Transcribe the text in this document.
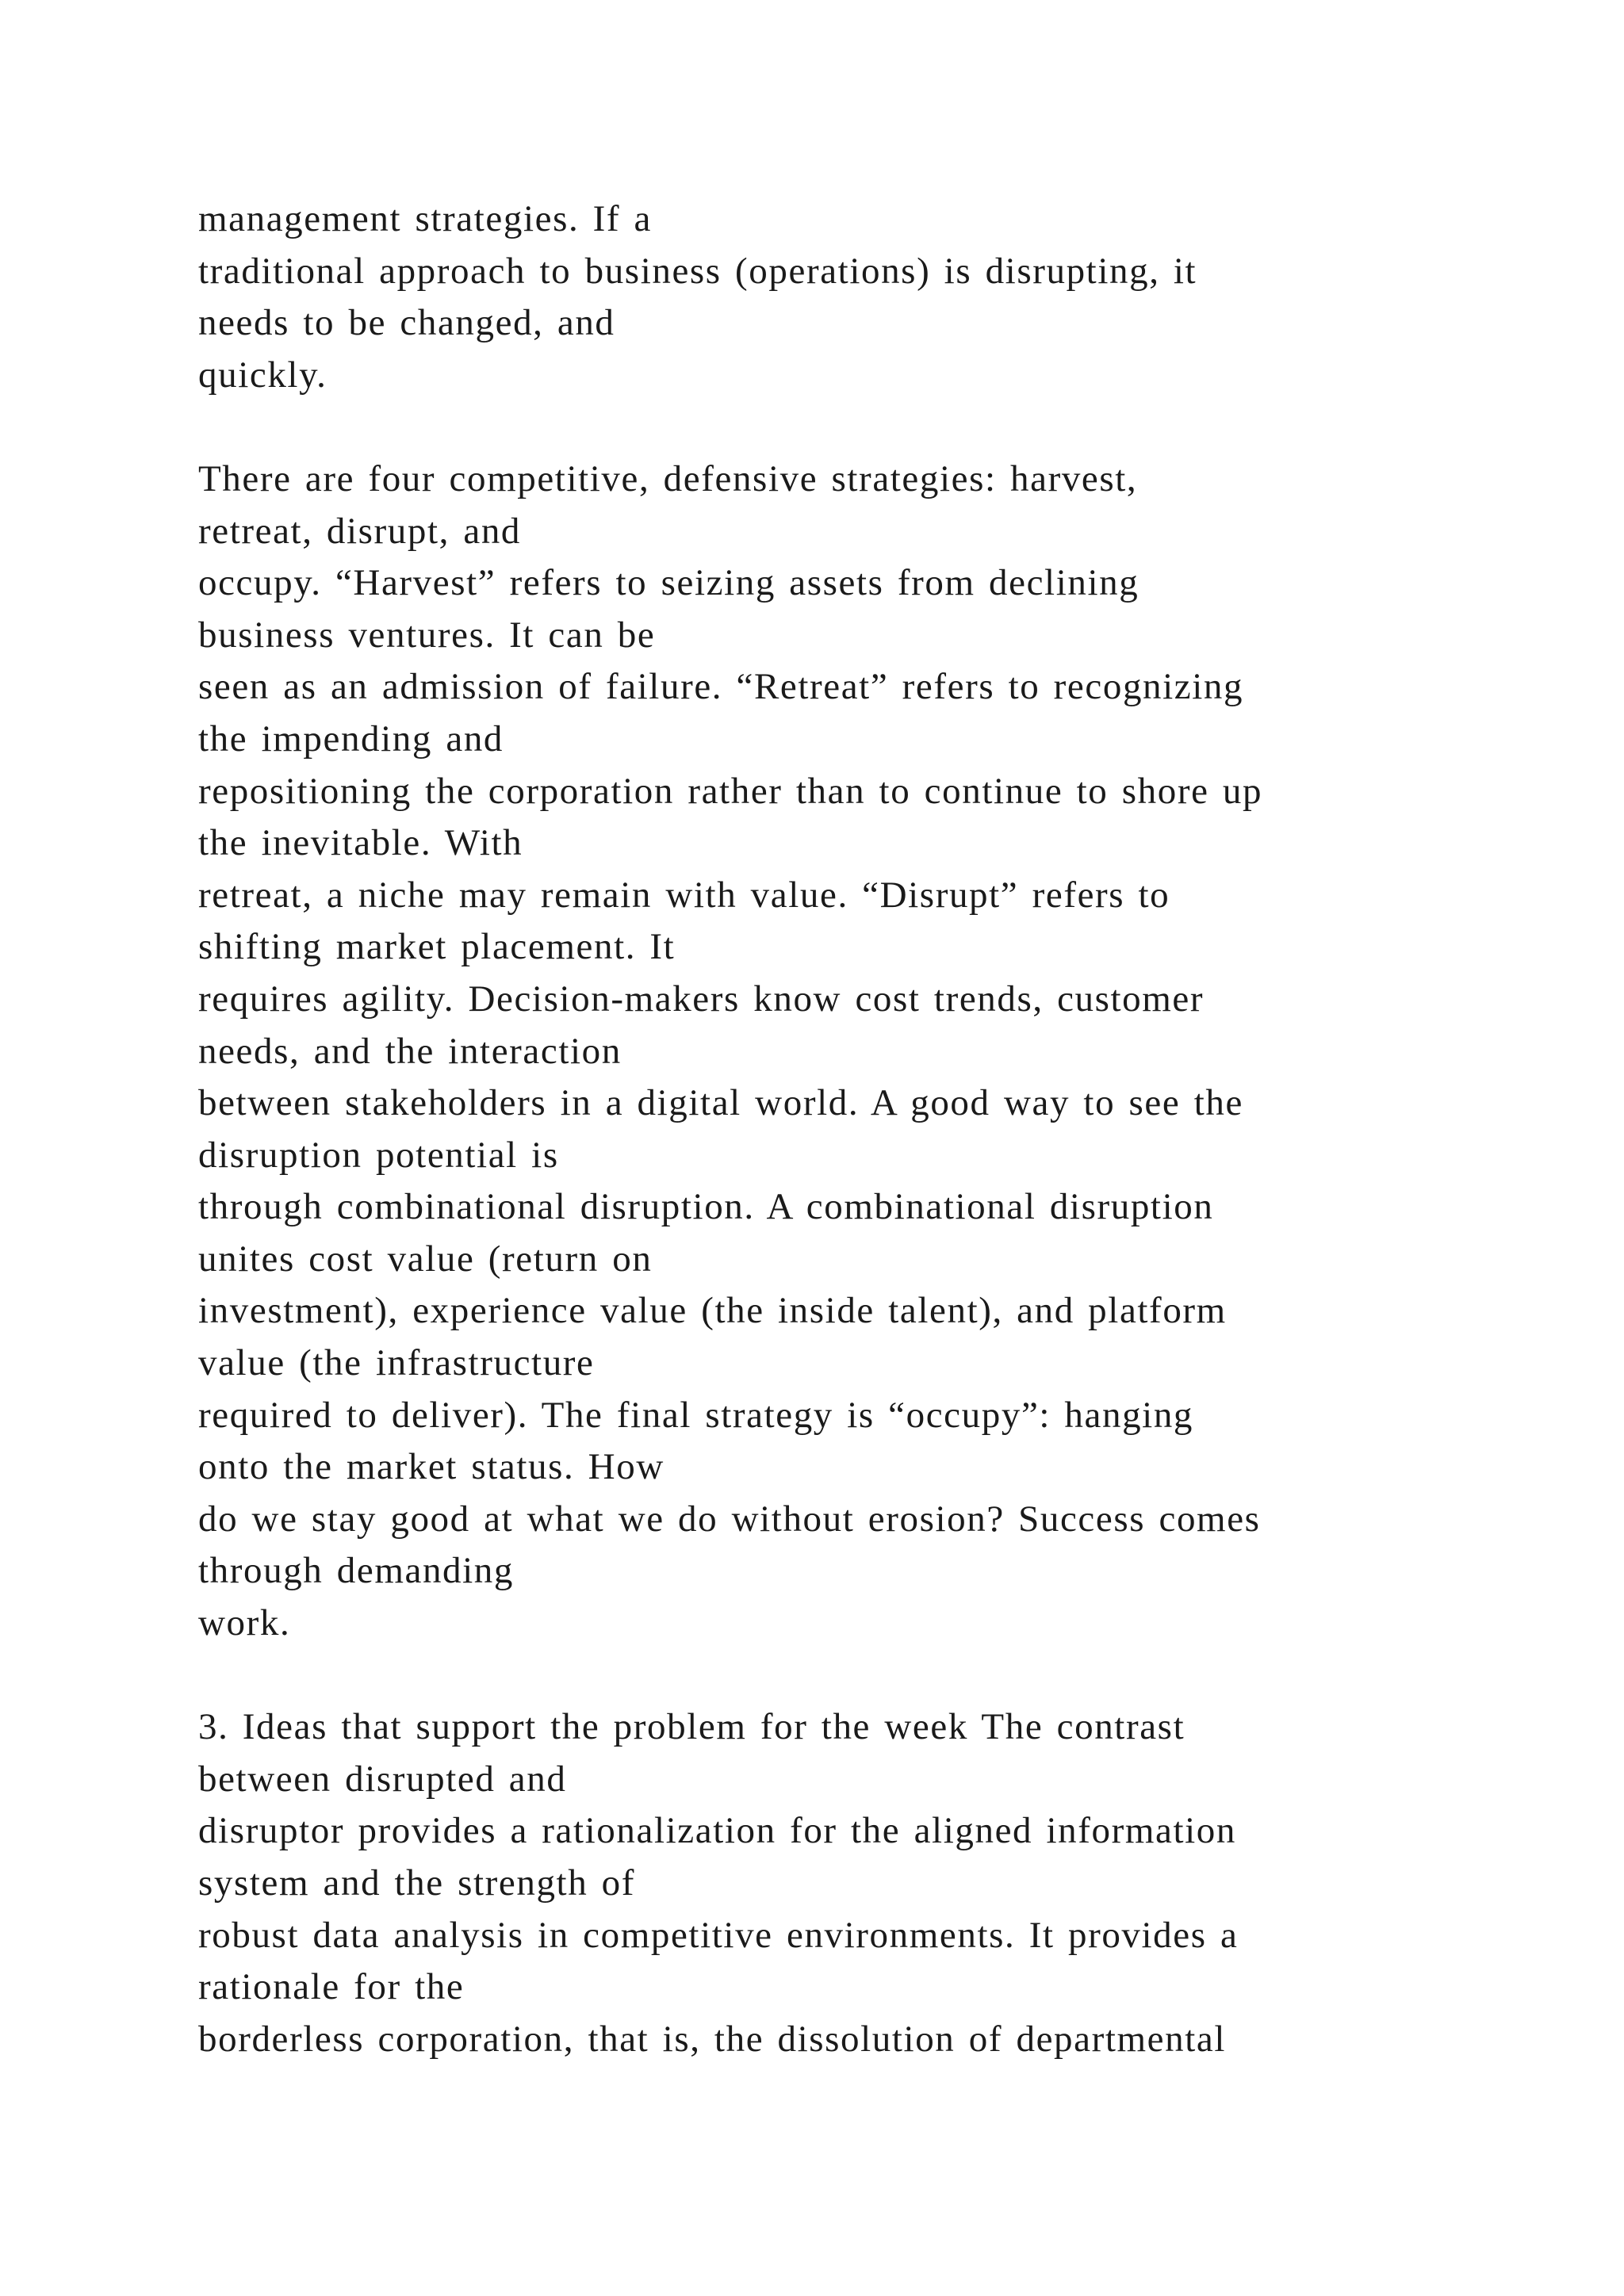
management strategies. If a
traditional approach to business (operations) is disrupting, it
needs to be changed, and
quickly.
There are four competitive, defensive strategies: harvest,
retreat, disrupt, and
occupy. “Harvest” refers to seizing assets from declining
business ventures. It can be
seen as an admission of failure. “Retreat” refers to recognizing
the impending and
repositioning the corporation rather than to continue to shore up
the inevitable. With
retreat, a niche may remain with value. “Disrupt” refers to
shifting market placement. It
requires agility. Decision-makers know cost trends, customer
needs, and the interaction
between stakeholders in a digital world. A good way to see the
disruption potential is
through combinational disruption. A combinational disruption
unites cost value (return on
investment), experience value (the inside talent), and platform
value (the infrastructure
required to deliver). The final strategy is “occupy”: hanging
onto the market status. How
do we stay good at what we do without erosion? Success comes
through demanding
work.
3. Ideas that support the problem for the week The contrast
between disrupted and
disruptor provides a rationalization for the aligned information
system and the strength of
robust data analysis in competitive environments. It provides a
rationale for the
borderless corporation, that is, the dissolution of departmental
